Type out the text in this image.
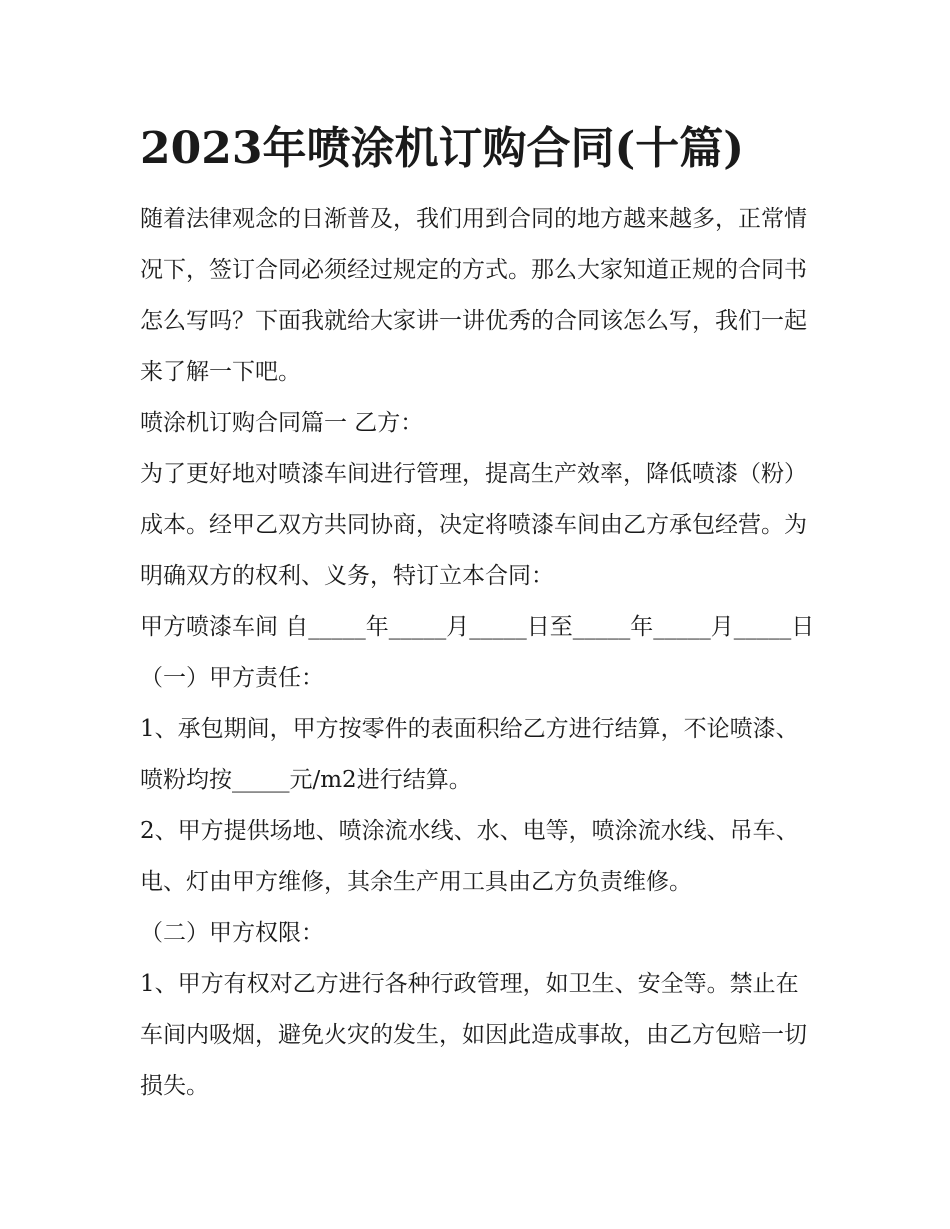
2023年喷涂机订购合同(十篇)

随着法律观念的日渐普及，我们用到合同的地方越来越多，正常情况下，签订合同必须经过规定的方式。那么大家知道正规的合同书怎么写吗？下面我就给大家讲一讲优秀的合同该怎么写，我们一起来了解一下吧。

喷涂机订购合同篇一 乙方：

为了更好地对喷漆车间进行管理，提高生产效率，降低喷漆（粉）成本。经甲乙双方共同协商，决定将喷漆车间由乙方承包经营。为明确双方的权利、义务，特订立本合同：

甲方喷漆车间 自_____年_____月_____日至_____年_____月_____日 （一）甲方责任：

1、承包期间，甲方按零件的表面积给乙方进行结算，不论喷漆、喷粉均按_____元/m2进行结算。

2、甲方提供场地、喷涂流水线、水、电等，喷涂流水线、吊车、电、灯由甲方维修，其余生产用工具由乙方负责维修。

（二）甲方权限：

1、甲方有权对乙方进行各种行政管理，如卫生、安全等。禁止在车间内吸烟，避免火灾的发生，如因此造成事故，由乙方包赔一切损失。
